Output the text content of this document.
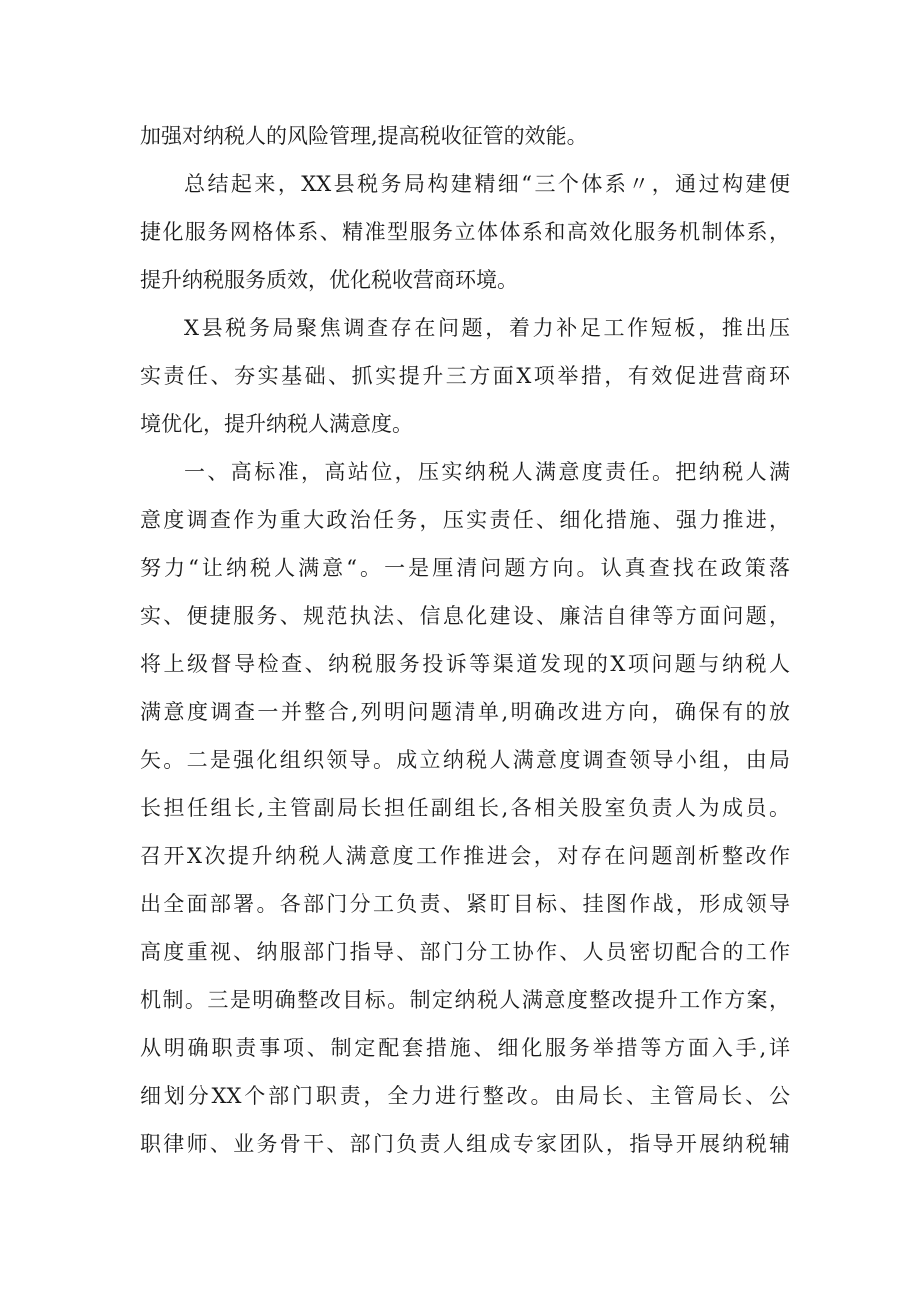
加强对纳税人的风险管理,提高税收征管的效能。
总结起来，XX县税务局构建精细“三个体系〃，通过构建便
捷化服务网格体系、精准型服务立体体系和高效化服务机制体系，
提升纳税服务质效，优化税收营商环境。
X县税务局聚焦调查存在问题，着力补足工作短板，推出压
实责任、夯实基础、抓实提升三方面X项举措，有效促进营商环
境优化，提升纳税人满意度。
一、高标准，高站位，压实纳税人满意度责任。把纳税人满
意度调查作为重大政治任务，压实责任、细化措施、强力推进，
努力“让纳税人满意“。一是厘清问题方向。认真查找在政策落
实、便捷服务、规范执法、信息化建设、廉洁自律等方面问题，
将上级督导检查、纳税服务投诉等渠道发现的X项问题与纳税人
满意度调查一并整合,列明问题清单,明确改进方向，确保有的放
矢。二是强化组织领导。成立纳税人满意度调查领导小组，由局
长担任组长,主管副局长担任副组长,各相关股室负责人为成员。
召开X次提升纳税人满意度工作推进会，对存在问题剖析整改作
出全面部署。各部门分工负责、紧盯目标、挂图作战，形成领导
高度重视、纳服部门指导、部门分工协作、人员密切配合的工作
机制。三是明确整改目标。制定纳税人满意度整改提升工作方案，
从明确职责事项、制定配套措施、细化服务举措等方面入手,详
细划分XX个部门职责，全力进行整改。由局长、主管局长、公
职律师、业务骨干、部门负责人组成专家团队，指导开展纳税辅
